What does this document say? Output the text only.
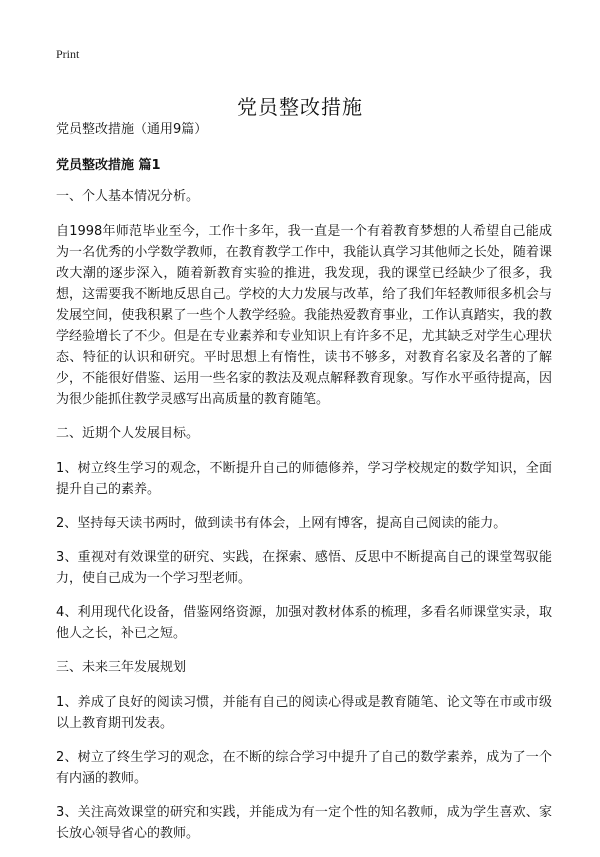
Print
党员整改措施

党员整改措施（通用9篇）

党员整改措施 篇1

一、个人基本情况分析。

自1998年师范毕业至今，工作十多年，我一直是一个有着教育梦想的人希望自己能成为一名优秀的小学数学教师，在教育教学工作中，我能认真学习其他师之长处，随着课改大潮的逐步深入，随着新教育实验的推进，我发现，我的课堂已经缺少了很多，我想，这需要我不断地反思自己。学校的大力发展与改革，给了我们年轻教师很多机会与发展空间，使我积累了一些个人教学经验。我能热爱教育事业，工作认真踏实，我的教学经验增长了不少。但是在专业素养和专业知识上有许多不足，尤其缺乏对学生心理状态、特征的认识和研究。平时思想上有惰性，读书不够多，对教育名家及名著的了解少，不能很好借鉴、运用一些名家的教法及观点解释教育现象。写作水平亟待提高，因为很少能抓住教学灵感写出高质量的教育随笔。

二、近期个人发展目标。

1、树立终生学习的观念，不断提升自己的师德修养，学习学校规定的数学知识，全面提升自己的素养。

2、坚持每天读书两时，做到读书有体会，上网有博客，提高自己阅读的能力。

3、重视对有效课堂的研究、实践，在探索、感悟、反思中不断提高自己的课堂驾驭能力，使自己成为一个学习型老师。

4、利用现代化设备，借鉴网络资源，加强对教材体系的梳理，多看名师课堂实录，取他人之长，补已之短。

三、未来三年发展规划

1、养成了良好的阅读习惯，并能有自己的阅读心得或是教育随笔、论文等在市或市级以上教育期刊发表。

2、树立了终生学习的观念，在不断的综合学习中提升了自己的数学素养，成为了一个有内涵的教师。

3、关注高效课堂的研究和实践，并能成为有一定个性的知名教师，成为学生喜欢、家长放心领导省心的教师。
